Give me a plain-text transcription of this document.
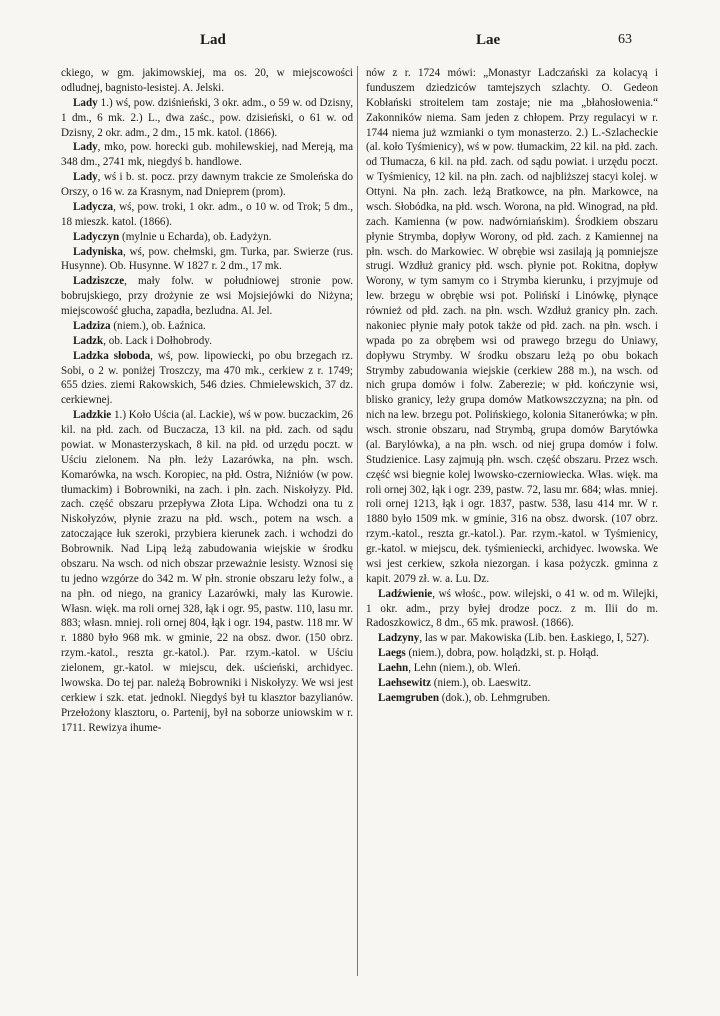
Lad	Lae	63

ckiego, w gm. jakimowskiej, ma os. 20, w miejscowości odludnej, bagnisto-lesistej. A. Jelski.

Lady 1.) wś, pow. dziśnieński, 3 okr. adm., o 59 w. od Dzisny, 1 dm., 6 mk. 2.) L., dwa zaśc., pow. dzisieński, o 61 w. od Dzisny, 2 okr. adm., 2 dm., 15 mk. katol. (1866).

Lady, mko, pow. horecki gub. mohilewskiej, nad Mereją, ma 348 dm., 2741 mk, niegdyś b. handlowe.

Lady, wś i b. st. pocz. przy dawnym trakcie ze Smoleńska do Orszy, o 16 w. za Krasnym, nad Dnieprem (prom).

Ladycza, wś, pow. troki, 1 okr. adm., o 10 w. od Trok; 5 dm., 18 mieszk. katol. (1866).

Ladyczyn (mylnie u Echarda), ob. Ładyżyn.

Ladyniska, wś, pow. chełmski, gm. Turka, par. Swierze (rus. Husynne). Ob. Husynne. W 1827 r. 2 dm., 17 mk.

Ladziszcze, mały folw. w południowej stronie pow. bobrujskiego, przy drożynie ze wsi Mojsiejówki do Niżyna; miejscowość głucha, zapadła, bezludna. Al. Jel.

Ladziza (niem.), ob. Łaźnica.

Ladzk, ob. Lack i Dołhobrody.

Ladzka słoboda, wś, pow. lipowiecki, po obu brzegach rz. Sobi, o 2 w. poniżej Troszczy, ma 470 mk., cerkiew z r. 1749; 655 dzies. ziemi Rakowskich, 546 dzies. Chmielewskich, 37 dz. cerkiewnej.

Ladzkie 1.) Koło Uścia (al. Lackie), wś w pow. buczackim, 26 kil. na płd. zach. od Buczacza, 13 kil. na płd. zach. od sądu powiat. w Monasterzyskach, 8 kil. na płd. od urzędu poczt. w Uściu zielonem. Na płn. leży Lazarówka, na płn. wsch. Komarówka, na wsch. Koropiec, na płd. Ostra, Niźniów (w pow. tłumackim) i Bobrowniki, na zach. i płn. zach. Niskołyzy. Płd. zach. część obszaru przepływa Złota Lipa. Wchodzi ona tu z Niskołyzów, płynie zrazu na płd. wsch., potem na wsch. a zatoczające łuk szeroki, przybiera kierunek zach. i wchodzi do Bobrownik. Nad Lipą leżą zabudowania wiejskie w środku obszaru. Na wsch. od nich obszar przeważnie lesisty. Wznosi się tu jedno wzgórze do 342 m. W płn. stronie obszaru leży folw., a na płn. od niego, na granicy Lazarówki, mały las Kurowie. Własn. więk. ma roli ornej 328, łąk i ogr. 95, pastw. 110, lasu mr. 883; własn. mniej. roli ornej 804, łąk i ogr. 194, pastw. 118 mr. W r. 1880 było 968 mk. w gminie, 22 na obsz. dwor. (150 obrz. rzym.-katol., reszta gr.-katol.). Par. rzym.-katol. w Uściu zielonem, gr.-katol. w miejscu, dek. uścieński, archidyec. lwowska. Do tej par. należą Bobrowniki i Niskołyzy. We wsi jest cerkiew i szk. etat. jednokl. Niegdyś był tu klasztor bazylianów. Przełożony klasztoru, o. Partenij, był na soborze uniowskim w r. 1711. Rewizya ihume-

nów z r. 1724 mówi: „Monastyr Ladczański za kolacyą i funduszem dziedziców tamtejszych szlachty. O. Gedeon Kobłański stroitelem tam zostaje; nie ma „błahosłowenia.“ Zakonników niema. Sam jeden z chłopem. Przy regulacyi w r. 1744 niema już wzmianki o tym monasterzo. 2.) L.-Szlacheckie (al. koło Tyśmienicy), wś w pow. tłumackim, 22 kil. na płd. zach. od Tłumacza, 6 kil. na płd. zach. od sądu powiat. i urzędu poczt. w Tyśmienicy, 12 kil. na płn. zach. od najbliższej stacyi kolej. w Ottyni. Na płn. zach. leżą Bratkowce, na płn. Markowce, na wsch. Słobódka, na płd. wsch. Worona, na płd. Winograd, na płd. zach. Kamienna (w pow. nadwórniańskim). Środkiem obszaru płynie Strymba, dopływ Worony, od płd. zach. z Kamiennej na płn. wsch. do Markowiec. W obrębie wsi zasilają ją pomniejsze strugi. Wzdłuż granicy płd. wsch. płynie pot. Rokitna, dopływ Worony, w tym samym co i Strymba kierunku, i przyjmuje od lew. brzegu w obrębie wsi pot. Polińskí i Linówkę, płynące również od płd. zach. na płn. wsch. Wzdłuż granicy płn. zach. nakoniec płynie mały potok także od płd. zach. na płn. wsch. i wpada po za obrębem wsi od prawego brzegu do Uniawy, dopływu Strymby. W środku obszaru leżą po obu bokach Strymby zabudowania wiejskie (cerkiew 288 m.), na wsch. od nich grupa domów i folw. Zaberezie; w płd. kończynie wsi, blisko granicy, leży grupa domów Matkowszczyzna; na płn. od nich na lew. brzegu pot. Polińskiego, kolonia Sitanerówka; w płn. wsch. stronie obszaru, nad Strymbą, grupa domów Barytówka (al. Barylówka), a na płn. wsch. od niej grupa domów i folw. Studzienice. Lasy zajmują płn. wsch. część obszaru. Przez wsch. część wsi biegnie kolej lwowsko-czerniowiecka. Włas. więk. ma roli ornej 302, łąk i ogr. 239, pastw. 72, lasu mr. 684; włas. mniej. roli ornej 1213, łąk i ogr. 1837, pastw. 538, lasu 414 mr. W r. 1880 było 1509 mk. w gminie, 316 na obsz. dworsk. (107 obrz. rzym.-katol., reszta gr.-katol.). Par. rzym.-katol. w Tyśmienicy, gr.-katol. w miejscu, dek. tyśmieniecki, archidyec. lwowska. We wsi jest cerkiew, szkoła niezorgan. i kasa pożyczk. gminna z kapit. 2079 zł. w. a. Lu. Dz.

Ladźwienie, wś włośc., pow. wilejski, o 41 w. od m. Wilejki, 1 okr. adm., przy byłej drodze pocz. z m. Ilii do m. Radoszkowicz, 8 dm., 65 mk. prawosł. (1866).

Ladzyny, las w par. Makowiska (Lib. ben. Łaskiego, I, 527).

Laegs (niem.), dobra, pow. holądzki, st. p. Hołąd.

Laehn, Lehn (niem.), ob. Wleń.

Laehsewitz (niem.), ob. Laeswitz.

Laemgruben (dok.), ob. Lehmgruben.
